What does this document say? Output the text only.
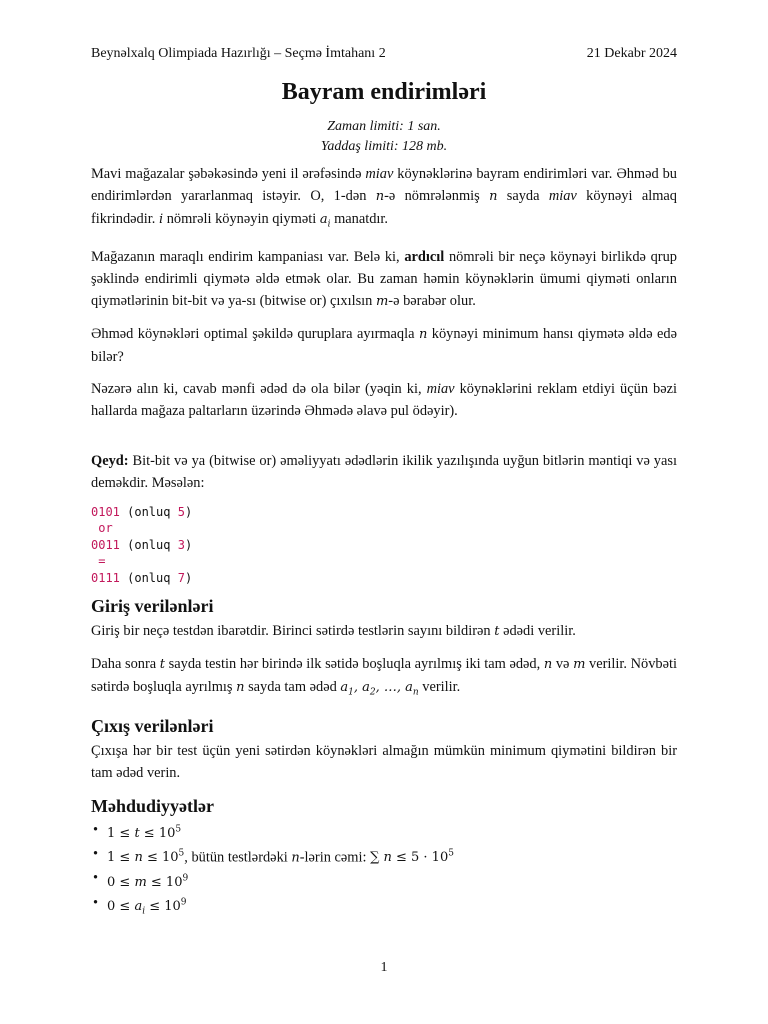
Beynəlxalq Olimpiada Hazırlığı – Seçmə İmtahanı 2	21 Dekabr 2024
Bayram endirimləri
Zaman limiti: 1 san.
Yaddaş limiti: 128 mb.

Mavi mağazalar şəbəkəsində yeni il ərəfəsində miav köynəklərinə bayram endirimləri var. Əhməd bu endirimlərdən yararlanmaq istəyir. O, 1-dən n-ə nömrələnmiş n sayda miav köynəyi almaq fikrindədir. i nömrəli köynəyin qiyməti $a_i$ manatdır.

Mağazanın maraqlı endirim kampaniası var. Belə ki, ardıcıl nömrəli bir neçə köynəyi birlikdə qrup şəklində endirimli qiymətə əldə etmək olar. Bu zaman həmin köynəklərin ümumi qiyməti onların qiymətlərinin bit-bit və ya-sı (bitwise or) çıxılsın m-ə bərabər olur.

Əhməd köynəkləri optimal şəkildə quruplara ayırmaqla n köynəyi minimum hansı qiymətə əldə edə bilər?

Nəzərə alın ki, cavab mənfi ədəd də ola bilər (yəqin ki, miav köynəklərini reklam etdiyi üçün bəzi hallarda mağaza paltarların üzərində Əhmədə əlavə pul ödəyir).

Qeyd: Bit-bit və ya (bitwise or) əməliyyatı ədədlərin ikilik yazılışında uyğun bitlərin məntiqi və yası deməkdir. Məsələn:

0101 (onluq 5)
or
0011 (onluq 3)
=
0111 (onluq 7)
Giriş verilənləri

Giriş bir neçə testdən ibarətdir. Birinci sətirdə testlərin sayını bildirən t ədədi verilir.

Daha sonra t sayda testin hər birində ilk sətidə boşluqla ayrılmış iki tam ədəd, n və m verilir. Növbəti sətirdə boşluqla ayrılmış n sayda tam ədəd $a_1$, $a_2$, …, $a_n$ verilir.

Çıxış verilənləri

Çıxışa hər bir test üçün yeni sətirdən köynəkləri almağın mümkün minimum qiymətini bildirən bir tam ədəd verin.

Məhdudiyyətlər
• $1 \le t \le 10^5$
• $1 \le n \le 10^5$, bütün testlərdəki n-lərin cəmi: ∑ $n \le 5 \cdot 10^5$
• $0 \le m \le 10^9$
• $0 \le a_i \le 10^9$
1
